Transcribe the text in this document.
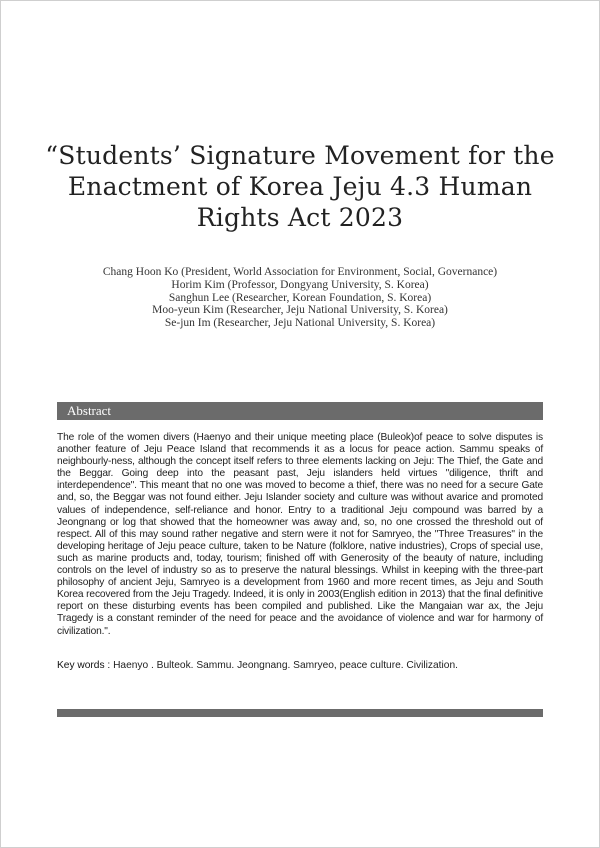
“Students’ Signature Movement for the
Enactment of Korea Jeju 4.3 Human
Rights Act 2023
Chang Hoon Ko (President, World Association for Environment, Social, Governance)
Horim Kim (Professor, Dongyang University, S. Korea)
Sanghun Lee (Researcher, Korean Foundation, S. Korea)
Moo-yeun Kim (Researcher, Jeju National University, S. Korea)
Se-jun Im (Researcher, Jeju National University, S. Korea)
Abstract
The role of the women divers (Haenyo and their unique meeting place (Buleok)of peace to solve disputes is another feature of Jeju Peace Island that recommends it as a locus for peace action. Sammu speaks of neighbourly-ness, although the concept itself refers to three elements lacking on Jeju: The Thief, the Gate and the Beggar. Going deep into the peasant past, Jeju islanders held virtues "diligence, thrift and interdependence". This meant that no one was moved to become a thief, there was no need for a secure Gate and, so, the Beggar was not found either. Jeju Islander society and culture was without avarice and promoted values of independence, self-reliance and honor. Entry to a traditional Jeju compound was barred by a Jeongnang or log that showed that the homeowner was away and, so, no one crossed the threshold out of respect. All of this may sound rather negative and stern were it not for Samryeo, the "Three Treasures" in the developing heritage of Jeju peace culture, taken to be Nature (folklore, native industries), Crops of special use, such as marine products and, today, tourism; finished off with Generosity of the beauty of nature, including controls on the level of industry so as to preserve the natural blessings. Whilst in keeping with the three-part philosophy of ancient Jeju, Samryeo is a development from 1960 and more recent times, as Jeju and South Korea recovered from the Jeju Tragedy. Indeed, it is only in 2003(English edition in 2013) that the final definitive report on these disturbing events has been compiled and published. Like the Mangaian war ax, the Jeju Tragedy is a constant reminder of the need for peace and the avoidance of violence and war for harmony of civilization.".
Key words : Haenyo . Bulteok. Sammu. Jeongnang. Samryeo, peace culture. Civilization.
